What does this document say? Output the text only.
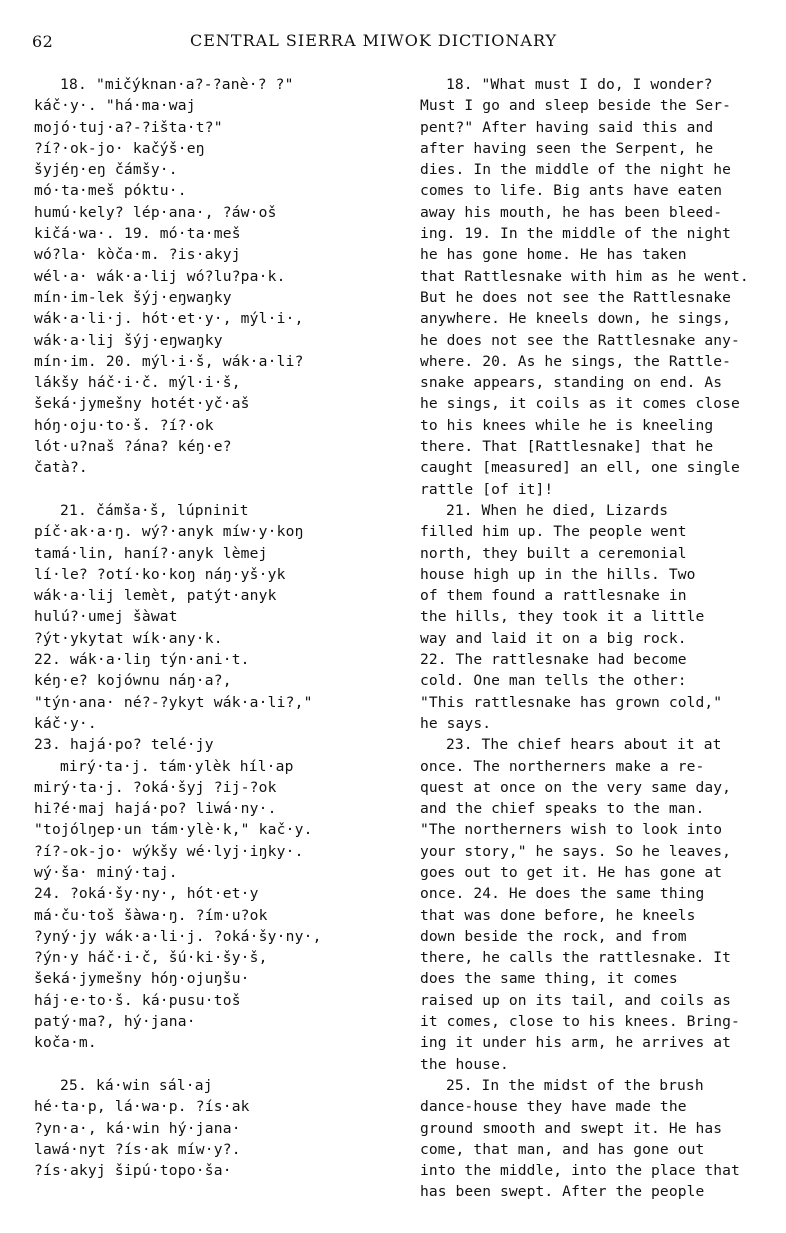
62	CENTRAL SIERRA MIWOK DICTIONARY
18. "mičýknan·a?-?anè·? ?"
káč·y·. "há·ma·waj
mojó·tuj·a?-?išta·t?"
?í?·ok-jo· kačýš·eŋ
šyjéŋ·eŋ čámšy·.
mó·ta·meš póktu·.
humú·kely? lép·ana·, ?áw·oš
kičá·wa·. 19. mó·ta·meš
wó?la· kòča·m. ?is·akyj
wél·a· wák·a·lij wó?lu?pa·k.
mín·im-lek šýj·eŋwaŋky
wák·a·li·j. hót·et·y·, mýl·i·,
wák·a·lij šýj·eŋwaŋky
mín·im. 20. mýl·i·š, wák·a·li?
lákšy háč·i·č. mýl·i·š,
šeká·jymešny hotét·yč·aš
hóŋ·oju·to·š. ?í?·ok
lót·u?naš ?ána? kéŋ·e?
čatà?.
21. čámša·š, lúpninit
píč·ak·a·ŋ. wý?·anyk míw·y·koŋ
tamá·lin, haní?·anyk lèmej
lí·le? ?otí·ko·koŋ náŋ·yš·yk
wák·a·lij lemèt, patýt·anyk
hulú?·umej šàwat
?ýt·ykytat wík·any·k.
22. wák·a·liŋ týn·ani·t.
kéŋ·e? kojównu náŋ·a?,
"týn·ana· né?-?ykyt wák·a·li?,"
káč·y·.
23. hajá·po? telé·jy
mirý·ta·j. tám·ylèk híl·ap
mirý·ta·j. ?oká·šyj ?ij-?ok
hi?é·maj hajá·po? liwá·ny·.
"tojólŋep·un tám·ylè·k," kač·y.
?í?-ok-jo· wýkšy wé·lyj·iŋky·.
wý·ša· miný·taj.
24. ?oká·šy·ny·, hót·et·y
má·ču·toš šàwa·ŋ. ?ím·u?ok
?yný·jy wák·a·li·j. ?oká·šy·ny·,
?ýn·y háč·i·č, šú·ki·šy·š,
šeká·jymešny hóŋ·ojuŋšu·
háj·e·to·š. ká·pusu·toš
patý·ma?, hý·jana·
koča·m.
25. ká·win sál·aj
hé·ta·p, lá·wa·p. ?ís·ak
?yn·a·, ká·win hý·jana·
lawá·nyt ?ís·ak míw·y?.
?ís·akyj šipú·topo·ša·
18. "What must I do, I wonder?
Must I go and sleep beside the Ser-
pent?" After having said this and
after having seen the Serpent, he
dies. In the middle of the night he
comes to life. Big ants have eaten
away his mouth, he has been bleed-
ing. 19. In the middle of the night
he has gone home. He has taken
that Rattlesnake with him as he went.
But he does not see the Rattlesnake
anywhere. He kneels down, he sings,
he does not see the Rattlesnake any-
where. 20. As he sings, the Rattle-
snake appears, standing on end. As
he sings, it coils as it comes close
to his knees while he is kneeling
there. That [Rattlesnake] that he
caught [measured] an ell, one single
rattle [of it]!
21. When he died, Lizards
filled him up. The people went
north, they built a ceremonial
house high up in the hills. Two
of them found a rattlesnake in
the hills, they took it a little
way and laid it on a big rock.
22. The rattlesnake had become
cold. One man tells the other:
"This rattlesnake has grown cold,"
he says.
23. The chief hears about it at
once. The northerners make a re-
quest at once on the very same day,
and the chief speaks to the man.
"The northerners wish to look into
your story," he says. So he leaves,
goes out to get it. He has gone at
once. 24. He does the same thing
that was done before, he kneels
down beside the rock, and from
there, he calls the rattlesnake. It
does the same thing, it comes
raised up on its tail, and coils as
it comes, close to his knees. Bring-
ing it under his arm, he arrives at
the house.
25. In the midst of the brush
dance-house they have made the
ground smooth and swept it. He has
come, that man, and has gone out
into the middle, into the place that
has been swept. After the people
